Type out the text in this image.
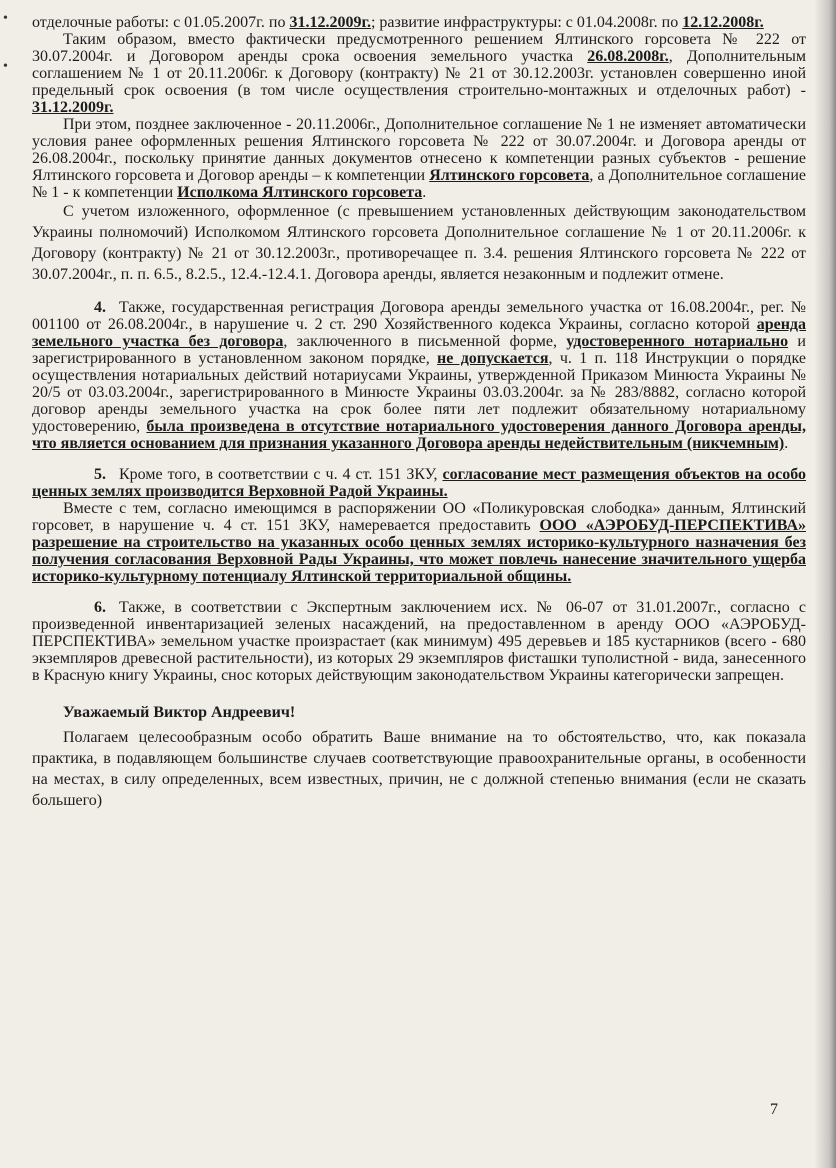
•
•

отделочные работы: с 01.05.2007г. по 31.12.2009г.; развитие инфраструктуры: с 01.04.2008г. по 12.12.2008г.

Таким образом, вместо фактически предусмотренного решением Ялтинского горсовета № 222 от 30.07.2004г. и Договором аренды срока освоения земельного участка 26.08.2008г., Дополнительным соглашением № 1 от 20.11.2006г. к Договору (контракту) № 21 от 30.12.2003г. установлен совершенно иной предельный срок освоения (в том числе осуществления строительно-монтажных и отделочных работ) - 31.12.2009г.

При этом, позднее заключенное - 20.11.2006г., Дополнительное соглашение № 1 не изменяет автоматически условия ранее оформленных решения Ялтинского горсовета № 222 от 30.07.2004г. и Договора аренды от 26.08.2004г., поскольку принятие данных документов отнесено к компетенции разных субъектов - решение Ялтинского горсовета и Договор аренды – к компетенции Ялтинского горсовета, а Дополнительное соглашение № 1 - к компетенции Исполкома Ялтинского горсовета.

С учетом изложенного, оформленное (с превышением установленных действующим законодательством Украины полномочий) Исполкомом Ялтинского горсовета Дополнительное соглашение № 1 от 20.11.2006г. к Договору (контракту) № 21 от 30.12.2003г., противоречащее п. 3.4. решения Ялтинского горсовета № 222 от 30.07.2004г., п. п. 6.5., 8.2.5., 12.4.-12.4.1. Договора аренды, является незаконным и подлежит отмене.

4. Также, государственная регистрация Договора аренды земельного участка от 16.08.2004г., рег. № 001100 от 26.08.2004г., в нарушение ч. 2 ст. 290 Хозяйственного кодекса Украины, согласно которой аренда земельного участка без договора, заключенного в письменной форме, удостоверенного нотариально и зарегистрированного в установленном законом порядке, не допускается, ч. 1 п. 118 Инструкции о порядке осуществления нотариальных действий нотариусами Украины, утвержденной Приказом Минюста Украины № 20/5 от 03.03.2004г., зарегистрированного в Минюсте Украины 03.03.2004г. за № 283/8882, согласно которой договор аренды земельного участка на срок более пяти лет подлежит обязательному нотариальному удостоверению, была произведена в отсутствие нотариального удостоверения данного Договора аренды, что является основанием для признания указанного Договора аренды недействительным (никчемным).

5. Кроме того, в соответствии с ч. 4 ст. 151 ЗКУ, согласование мест размещения объектов на особо ценных землях производится Верховной Радой Украины.

Вместе с тем, согласно имеющимся в распоряжении ОО «Поликуровская слободка» данным, Ялтинский горсовет, в нарушение ч. 4 ст. 151 ЗКУ, намеревается предоставить ООО «АЭРОБУД-ПЕРСПЕКТИВА» разрешение на строительство на указанных особо ценных землях историко-культурного назначения без получения согласования Верховной Рады Украины, что может повлечь нанесение значительного ущерба историко-культурному потенциалу Ялтинской территориальной общины.

6. Также, в соответствии с Экспертным заключением исх. № 06-07 от 31.01.2007г., согласно с произведенной инвентаризацией зеленых насаждений, на предоставленном в аренду ООО «АЭРОБУД-ПЕРСПЕКТИВА» земельном участке произрастает (как минимум) 495 деревьев и 185 кустарников (всего - 680 экземпляров древесной растительности), из которых 29 экземпляров фисташки туполистной - вида, занесенного в Красную книгу Украины, снос которых действующим законодательством Украины категорически запрещен.

Уважаемый Виктор Андреевич!

Полагаем целесообразным особо обратить Ваше внимание на то обстоятельство, что, как показала практика, в подавляющем большинстве случаев соответствующие правоохранительные органы, в особенности на местах, в силу определенных, всем известных, причин, не с должной степенью внимания (если не сказать большего)

7
